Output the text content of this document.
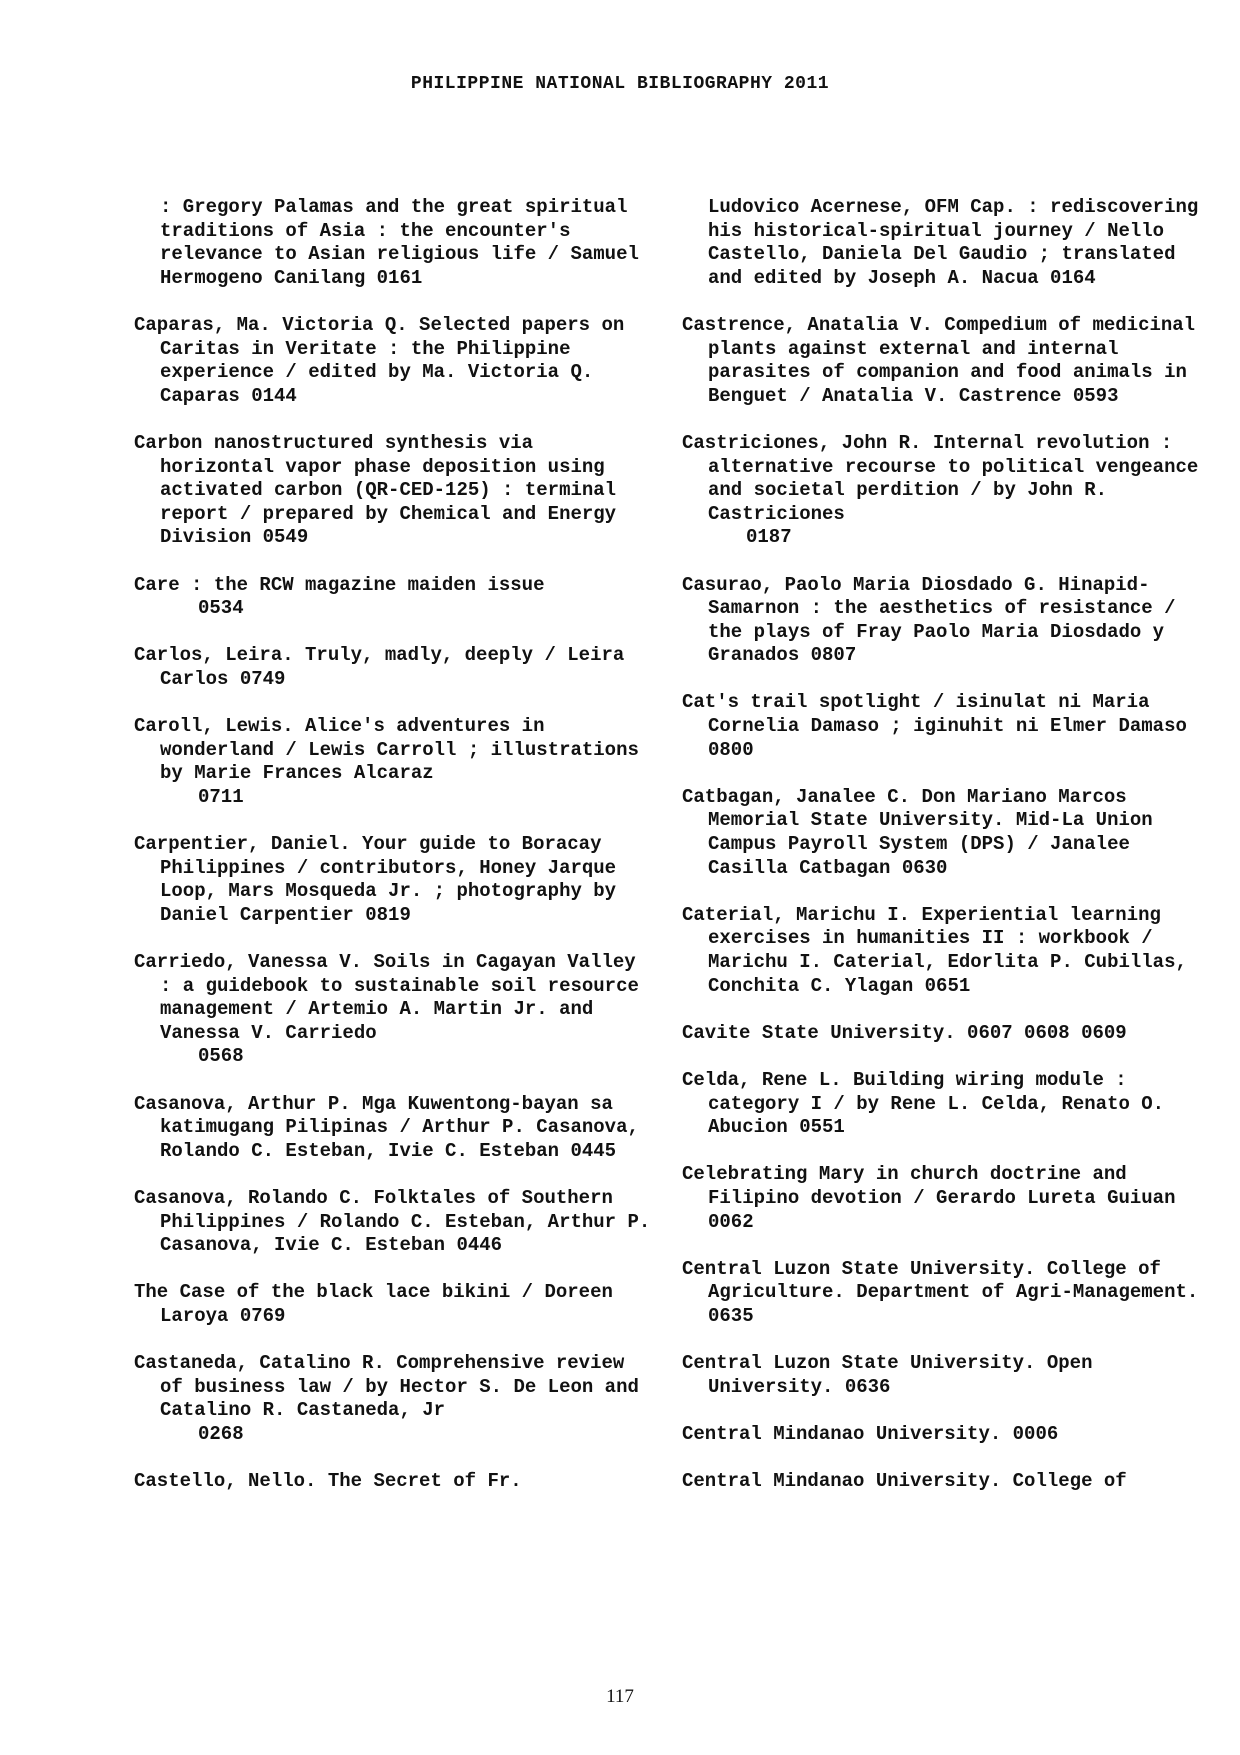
PHILIPPINE NATIONAL BIBLIOGRAPHY 2011

: Gregory Palamas and the great spiritual traditions of Asia : the encounter's relevance to Asian religious life / Samuel Hermogeno Canilang 0161

Caparas, Ma. Victoria Q. Selected papers on Caritas in Veritate : the Philippine experience / edited by Ma. Victoria Q. Caparas 0144

Carbon nanostructured synthesis via horizontal vapor phase deposition using activated carbon (QR-CED-125) : terminal report / prepared by Chemical and Energy Division 0549

Care : the RCW magazine maiden issue
0534

Carlos, Leira. Truly, madly, deeply / Leira Carlos 0749

Caroll, Lewis. Alice's adventures in wonderland / Lewis Carroll ; illustrations by Marie Frances Alcaraz
0711

Carpentier, Daniel. Your guide to Boracay Philippines / contributors, Honey Jarque Loop, Mars Mosqueda Jr. ; photography by Daniel Carpentier 0819

Carriedo, Vanessa V. Soils in Cagayan Valley : a guidebook to sustainable soil resource management / Artemio A. Martin Jr. and Vanessa V. Carriedo
0568

Casanova, Arthur P. Mga Kuwentong-bayan sa katimugang Pilipinas / Arthur P. Casanova, Rolando C. Esteban, Ivie C. Esteban 0445

Casanova, Rolando C. Folktales of Southern Philippines / Rolando C. Esteban, Arthur P. Casanova, Ivie C. Esteban 0446

The Case of the black lace bikini / Doreen Laroya 0769

Castaneda, Catalino R. Comprehensive review of business law / by Hector S. De Leon and Catalino R. Castaneda, Jr
0268

Castello, Nello. The Secret of Fr.

Ludovico Acernese, OFM Cap. : rediscovering his historical-spiritual journey / Nello Castello, Daniela Del Gaudio ; translated and edited by Joseph A. Nacua 0164

Castrence, Anatalia V. Compedium of medicinal plants against external and internal parasites of companion and food animals in Benguet / Anatalia V. Castrence 0593

Castriciones, John R. Internal revolution : alternative recourse to political vengeance and societal perdition / by John R. Castriciones
0187

Casurao, Paolo Maria Diosdado G. Hinapid-Samarnon : the aesthetics of resistance / the plays of Fray Paolo Maria Diosdado y Granados 0807

Cat's trail spotlight / isinulat ni Maria Cornelia Damaso ; iginuhit ni Elmer Damaso 0800

Catbagan, Janalee C. Don Mariano Marcos Memorial State University. Mid-La Union Campus Payroll System (DPS) / Janalee Casilla Catbagan 0630

Caterial, Marichu I. Experiential learning exercises in humanities II : workbook / Marichu I. Caterial, Edorlita P. Cubillas, Conchita C. Ylagan 0651

Cavite State University. 0607 0608 0609

Celda, Rene L. Building wiring module : category I / by Rene L. Celda, Renato O. Abucion 0551

Celebrating Mary in church doctrine and Filipino devotion / Gerardo Lureta Guiuan 0062

Central Luzon State University. College of Agriculture. Department of Agri-Management. 0635

Central Luzon State University. Open University. 0636

Central Mindanao University. 0006

Central Mindanao University. College of

117
